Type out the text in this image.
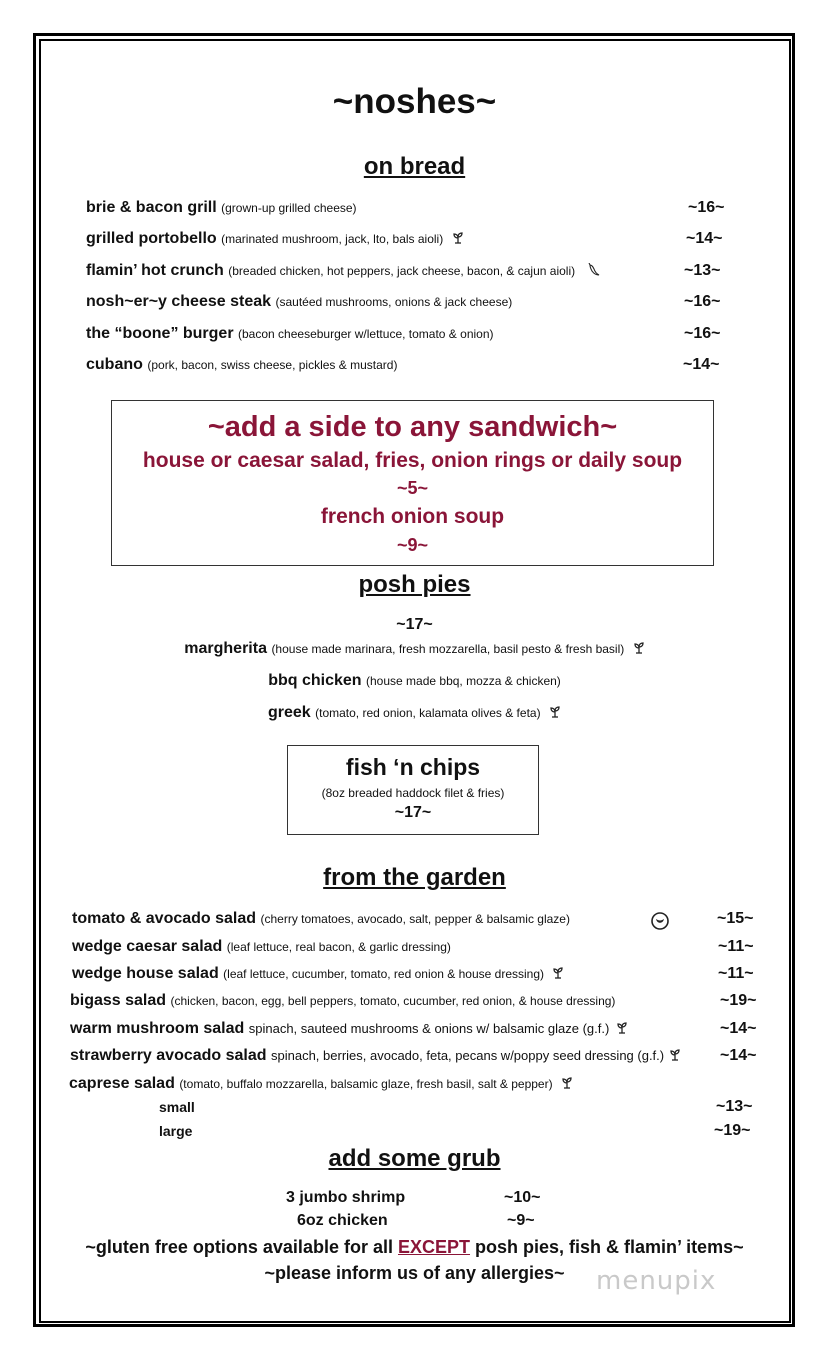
~noshes~
on bread
brie & bacon grill (grown-up grilled cheese)	~16~
grilled portobello (marinated mushroom, jack, lto, bals aioli)	~14~
flamin’ hot crunch (breaded chicken, hot peppers, jack cheese, bacon, & cajun aioli)	~13~
nosh~er~y cheese steak (sautéed mushrooms, onions & jack cheese)	~16~
the “boone” burger (bacon cheeseburger w/lettuce, tomato & onion)	~16~
cubano (pork, bacon, swiss cheese, pickles & mustard)	~14~
~add a side to any sandwich~
house or caesar salad, fries, onion rings or daily soup
~5~
french onion soup
~9~
posh pies
~17~
margherita (house made marinara, fresh mozzarella, basil pesto & fresh basil)
bbq chicken (house made bbq, mozza & chicken)
greek (tomato, red onion, kalamata olives & feta)
fish ‘n chips
(8oz breaded haddock filet & fries)
~17~
from the garden
tomato & avocado salad (cherry tomatoes, avocado, salt, pepper & balsamic glaze)	~15~
wedge caesar salad (leaf lettuce, real bacon, & garlic dressing)	~11~
wedge house salad (leaf lettuce, cucumber, tomato, red onion & house dressing)	~11~
bigass salad (chicken, bacon, egg, bell peppers, tomato, cucumber, red onion, & house dressing)	~19~
warm mushroom salad spinach, sauteed mushrooms & onions w/ balsamic glaze (g.f.)	~14~
strawberry avocado salad spinach, berries, avocado, feta, pecans w/poppy seed dressing (g.f.)	~14~
caprese salad (tomato, buffalo mozzarella, balsamic glaze, fresh basil, salt & pepper)
small	~13~
large	~19~
add some grub
3 jumbo shrimp	~10~
6oz chicken	~9~
~gluten free options available for all EXCEPT posh pies, fish & flamin’ items~
~please inform us of any allergies~	menupix
